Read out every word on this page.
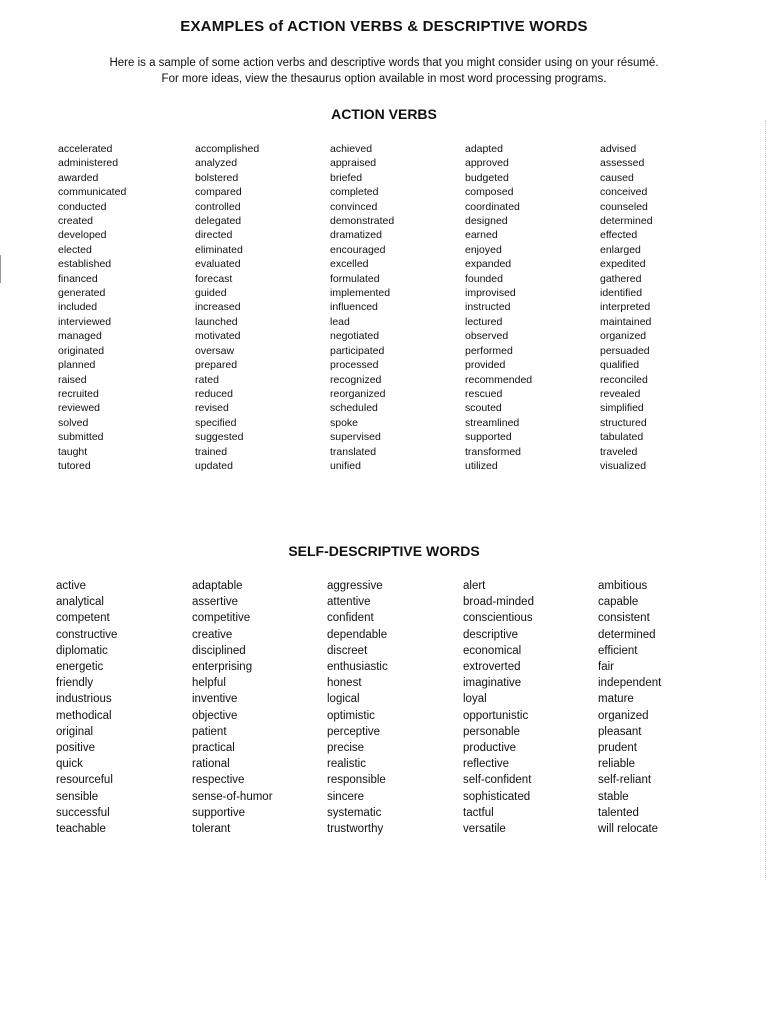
EXAMPLES of ACTION VERBS & DESCRIPTIVE WORDS
Here is a sample of some action verbs and descriptive words that you might consider using on your résumé.
For more ideas, view the thesaurus option available in most word processing programs.
ACTION VERBS
accelerated
administered
awarded
communicated
conducted
created
developed
elected
established
financed
generated
included
interviewed
managed
originated
planned
raised
recruited
reviewed
solved
submitted
taught
tutored
accomplished
analyzed
bolstered
compared
controlled
delegated
directed
eliminated
evaluated
forecast
guided
increased
launched
motivated
oversaw
prepared
rated
reduced
revised
specified
suggested
trained
updated
achieved
appraised
briefed
completed
convinced
demonstrated
dramatized
encouraged
excelled
formulated
implemented
influenced
lead
negotiated
participated
processed
recognized
reorganized
scheduled
spoke
supervised
translated
unified
adapted
approved
budgeted
composed
coordinated
designed
earned
enjoyed
expanded
founded
improvised
instructed
lectured
observed
performed
provided
recommended
rescued
scouted
streamlined
supported
transformed
utilized
advised
assessed
caused
conceived
counseled
determined
effected
enlarged
expedited
gathered
identified
interpreted
maintained
organized
persuaded
qualified
reconciled
revealed
simplified
structured
tabulated
traveled
visualized
SELF-DESCRIPTIVE WORDS
active
analytical
competent
constructive
diplomatic
energetic
friendly
industrious
methodical
original
positive
quick
resourceful
sensible
successful
teachable
adaptable
assertive
competitive
creative
disciplined
enterprising
helpful
inventive
objective
patient
practical
rational
respective
sense-of-humor
supportive
tolerant
aggressive
attentive
confident
dependable
discreet
enthusiastic
honest
logical
optimistic
perceptive
precise
realistic
responsible
sincere
systematic
trustworthy
alert
broad-minded
conscientious
descriptive
economical
extroverted
imaginative
loyal
opportunistic
personable
productive
reflective
self-confident
sophisticated
tactful
versatile
ambitious
capable
consistent
determined
efficient
fair
independent
mature
organized
pleasant
prudent
reliable
self-reliant
stable
talented
will relocate
